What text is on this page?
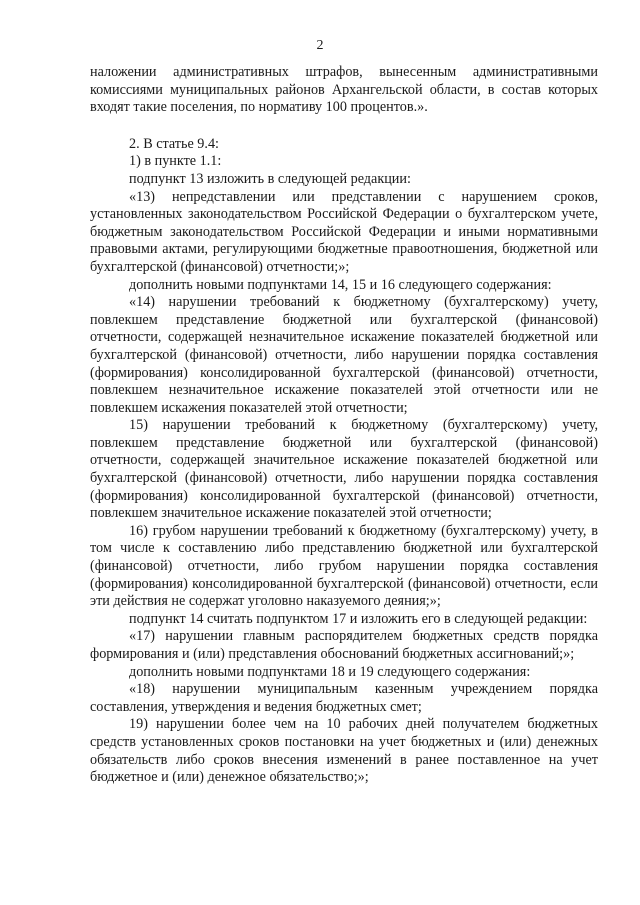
2

наложении административных штрафов, вынесенным административными комиссиями муниципальных районов Архангельской области, в состав которых входят такие поселения, по нормативу 100 процентов.».

2. В статье 9.4:

1) в пункте 1.1:

подпункт 13 изложить в следующей редакции:

«13) непредставлении или представлении с нарушением сроков, установленных законодательством Российской Федерации о бухгалтерском учете, бюджетным законодательством Российской Федерации и иными нормативными правовыми актами, регулирующими бюджетные правоотношения, бюджетной или бухгалтерской (финансовой) отчетности;»;

дополнить новыми подпунктами 14, 15 и 16 следующего содержания:

«14) нарушении требований к бюджетному (бухгалтерскому) учету, повлекшем представление бюджетной или бухгалтерской (финансовой) отчетности, содержащей незначительное искажение показателей бюджетной или бухгалтерской (финансовой) отчетности, либо нарушении порядка составления (формирования) консолидированной бухгалтерской (финансовой) отчетности, повлекшем незначительное искажение показателей этой отчетности или не повлекшем искажения показателей этой отчетности;

15) нарушении требований к бюджетному (бухгалтерскому) учету, повлекшем представление бюджетной или бухгалтерской (финансовой) отчетности, содержащей значительное искажение показателей бюджетной или бухгалтерской (финансовой) отчетности, либо нарушении порядка составления (формирования) консолидированной бухгалтерской (финансовой) отчетности, повлекшем значительное искажение показателей этой отчетности;

16) грубом нарушении требований к бюджетному (бухгалтерскому) учету, в том числе к составлению либо представлению бюджетной или бухгалтерской (финансовой) отчетности, либо грубом нарушении порядка составления (формирования) консолидированной бухгалтерской (финансовой) отчетности, если эти действия не содержат уголовно наказуемого деяния;»;

подпункт 14 считать подпунктом 17 и изложить его в следующей редакции:

«17) нарушении главным распорядителем бюджетных средств порядка формирования и (или) представления обоснований бюджетных ассигнований;»;

дополнить новыми подпунктами 18 и 19 следующего содержания:

«18) нарушении муниципальным казенным учреждением порядка составления, утверждения и ведения бюджетных смет;

19) нарушении более чем на 10 рабочих дней получателем бюджетных средств установленных сроков постановки на учет бюджетных и (или) денежных обязательств либо сроков внесения изменений в ранее поставленное на учет бюджетное и (или) денежное обязательство;»;
